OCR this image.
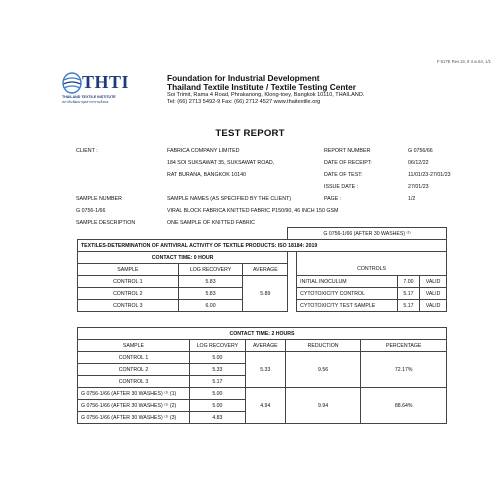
F-017E Rev.19, 9 ส.ค.64, 1/1
THTI
THAILAND TEXTILE INSTITUTE
สถาบันพัฒนาอุตสาหกรรมสิ่งทอ
Foundation for Industrial Development
Thailand Textile Institute / Textile Testing Center
Soi Trimit, Rama 4 Road, Phrakanong, Klong-toey, Bangkok 10110, THAILAND.
Tel: (66) 2713 5492-9 Fax: (66) 2712 4527 www.thaitextile.org
TEST REPORT
CLIENT :	FABRICA COMPANY LIMITED
184 SOI SUKSAWAT 35, SUKSAWAT ROAD,
RAT BURANA, BANGKOK 10140
REPORT NUMBER	G 0756/66
DATE OF RECEIPT:	06/12/22
DATE OF TEST:	11/01/23-27/01/23
ISSUE DATE :	27/01/23
PAGE :	1/2
SAMPLE NUMBER	SAMPLE NAMES (AS SPECIFIED BY THE CLIENT)
G 0756-1/66	VIRAL BLOCK FABRICA KNITTED FABRIC P150/90, 46 INCH 150 GSM
SAMPLE DESCRIPTION	ONE SAMPLE OF KNITTED FABRIC
			G 0756-1/66 (AFTER 30 WASHES) ⁽¹⁾			
TEXTILES-DETERMINATION OF ANTIVIRAL ACTIVITY OF TEXTILE PRODUCTS: ISO 18184: 2019						
CONTACT TIME: 0 HOUR						
SAMPLE	LOG RECOVERY	AVERAGE		CONTROLS		
CONTROL 1	5.83	5.89		INITIAL INOCULUM	7.00	VALID
CONTROL 2	5.83			CYTOTOXICITY CONTROL	5.17	VALID
CONTROL 3	6.00			CYTOTOXICITY TEST SAMPLE	5.17	VALID
CONTACT TIME: 2 HOURS				
SAMPLE	LOG RECOVERY	AVERAGE	REDUCTION	PERCENTAGE
CONTROL 1	5.00	5.33	9.56	72.17%
CONTROL 2	5.33			
CONTROL 3	5.17			
G 0756-1/66 (AFTER 30 WASHES) ⁽¹⁾ (1)	5.00	4.94	9.94	88.64%
G 0756-1/66 (AFTER 30 WASHES) ⁽¹⁾ (2)	5.00			
G 0756-1/66 (AFTER 30 WASHES) ⁽¹⁾ (3)	4.83			
